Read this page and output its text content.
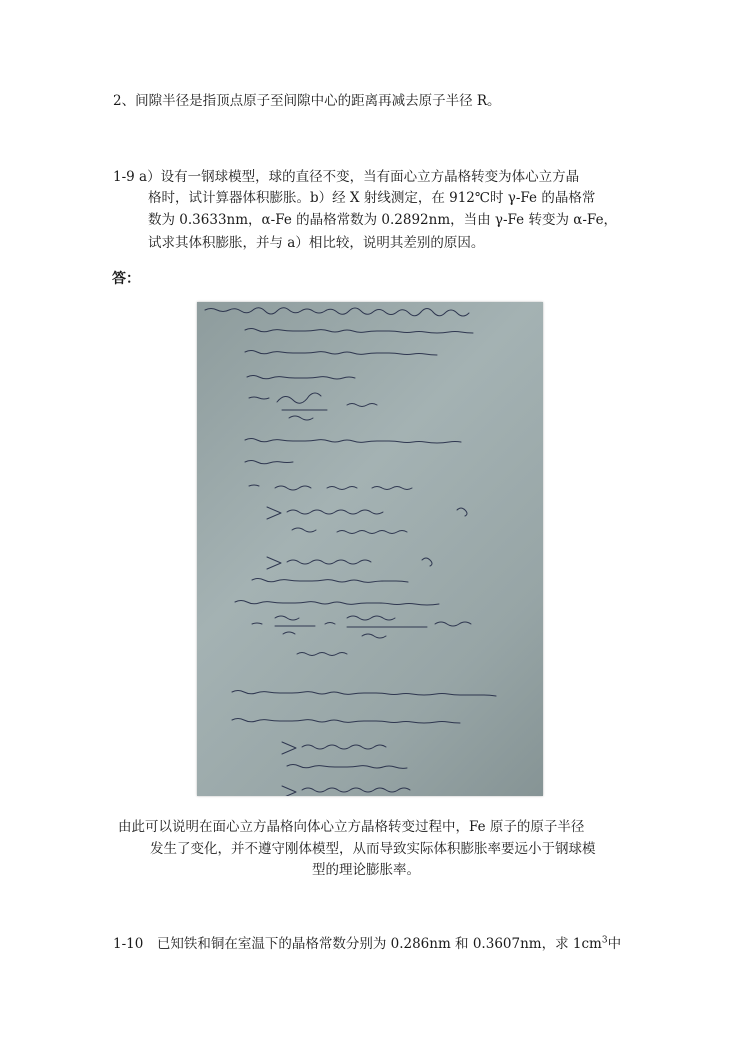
2、间隙半径是指顶点原子至间隙中心的距离再减去原子半径 R。
1-9 a）设有一钢球模型，球的直径不变，当有面心立方晶格转变为体心立方晶
格时，试计算器体积膨胀。b）经 X 射线测定，在 912℃时 γ-Fe 的晶格常
数为 0.3633nm，α-Fe 的晶格常数为 0.2892nm，当由 γ-Fe 转变为 α-Fe，
试求其体积膨胀，并与 a）相比较，说明其差别的原因。
答：
由此可以说明在面心立方晶格向体心立方晶格转变过程中，Fe 原子的原子半径
发生了变化，并不遵守刚体模型，从而导致实际体积膨胀率要远小于钢球模
型的理论膨胀率。
1-10　已知铁和铜在室温下的晶格常数分别为 0.286nm 和 0.3607nm，求 $1cm^3$中
